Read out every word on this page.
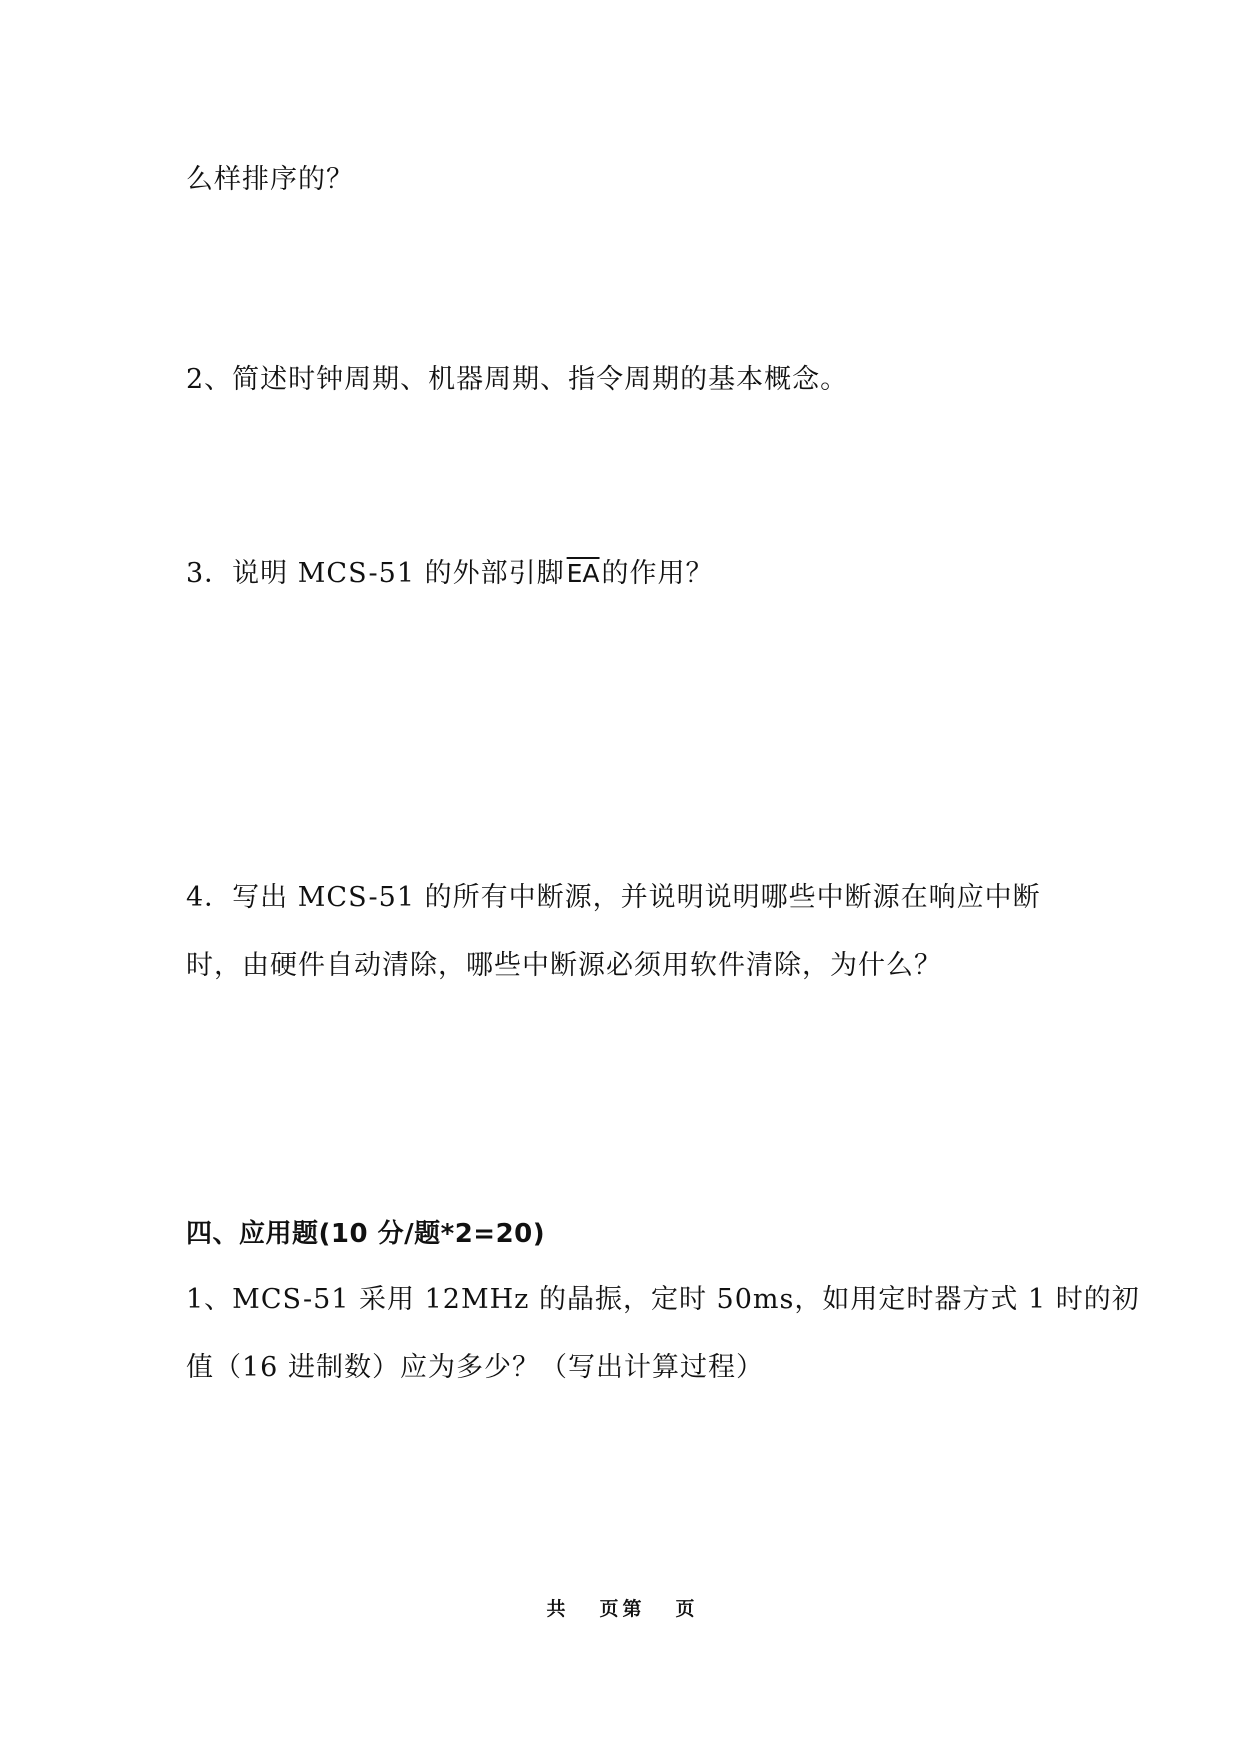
么样排序的？
2、简述时钟周期、机器周期、指令周期的基本概念。
3．说明 MCS-51 的外部引脚$\overline{EA}$的作用？
4．写出 MCS-51 的所有中断源，并说明说明哪些中断源在响应中断
时，由硬件自动清除，哪些中断源必须用软件清除，为什么？
四、应用题(10 分/题*2=20)
1、MCS-51 采用 12MHz 的晶振，定时 50ms，如用定时器方式 1 时的初
值（16 进制数）应为多少？（写出计算过程）
共 页 第 页
